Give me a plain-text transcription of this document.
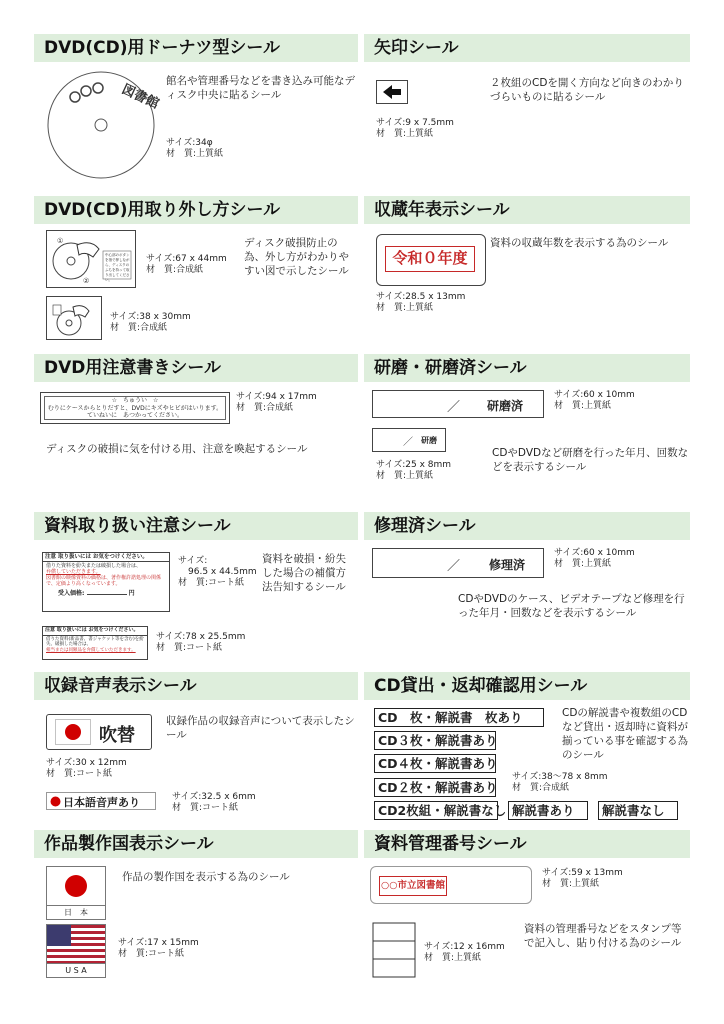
DVD(CD)用ドーナツ型シール	矢印シール
図書館
館名や管理番号などを書き込み可能なディスク中央に貼るシール
サイズ:34φ
材　質:上質紙
２枚組のCDを開く方向など向きのわかりづらいものに貼るシール
サイズ:9 x 7.5mm
材　質:上質紙
DVD(CD)用取り外し方シール	収蔵年表示シール
①
②
中心部のボタンを指で押しながら、ディスクのふちを持って取り出してください。
サイズ:67 x 44mm
材　質:合成紙
ディスク破損防止の為、外し方がわかりやすい図で示したシール
サイズ:38 x 30mm
材　質:合成紙
令和０年度
資料の収蔵年数を表示する為のシール
サイズ:28.5 x 13mm
材　質:上質紙
DVD用注意書きシール	研磨・研磨済シール
☆　ちゅうい　☆
むりにケースからとりだすと、DVDにキズやヒビがはいります。
ていねいに　あつかってください。
サイズ:94 x 17mm
材　質:合成紙
ディスクの破損に気を付ける用、注意を喚起するシール
／ 研磨済
サイズ:60 x 10mm
材　質:上質紙
／ 研磨
サイズ:25 x 8mm
材　質:上質紙
CDやDVDなど研磨を行った年月、回数などを表示するシール
資料取り扱い注意シール	修理済シール
注意 取り扱いには お気をつけください。
借りた資料を紛失または破損した場合は、
弁償していただきます。
図書館の映像資料の価格は、著作権許諾処理の関係で、定価より高くなっています。
受入価格:	円
サイズ:
96.5 x 44.5mm
材　質:コート紙
資料を破損・紛失した場合の補償方法告知するシール
注意 取り扱いには お気をつけください。
借りた資料(新品書、書ジャケット等を含む)を紛失、破損した場合は、
相当または同額品を弁償していただきます。
サイズ:78 x 25.5mm
材　質:コート紙
／ 修理済
サイズ:60 x 10mm
材　質:上質紙
CDやDVDのケース、ビデオテープなど修理を行った年月・回数などを表示するシール
収録音声表示シール	CD貸出・返却確認用シール
吹替
収録作品の収録音声について表示したシール
サイズ:30 x 12mm
材　質:コート紙
日本語音声あり	サイズ:32.5 x 6mm
材　質:コート紙
CD　枚・解説書　枚あり
CD３枚・解説書あり
CD４枚・解説書あり
CD２枚・解説書あり
CD2枚組・解説書なし 解説書あり	解説書なし
CDの解説書や複数組のCDなど貸出・返却時に資料が揃っている事を確認する為のシール
サイズ:38～78 x 8mm
材　質:合成紙
作品製作国表示シール	資料管理番号シール
日　本
作品の製作国を表示する為のシール
U S A
サイズ:17 x 15mm
材　質:コート紙
○○市立図書館
サイズ:59 x 13mm
材　質:上質紙
サイズ:12 x 16mm
材　質:上質紙
資料の管理番号などをスタンプ等で記入し、貼り付ける為のシール
